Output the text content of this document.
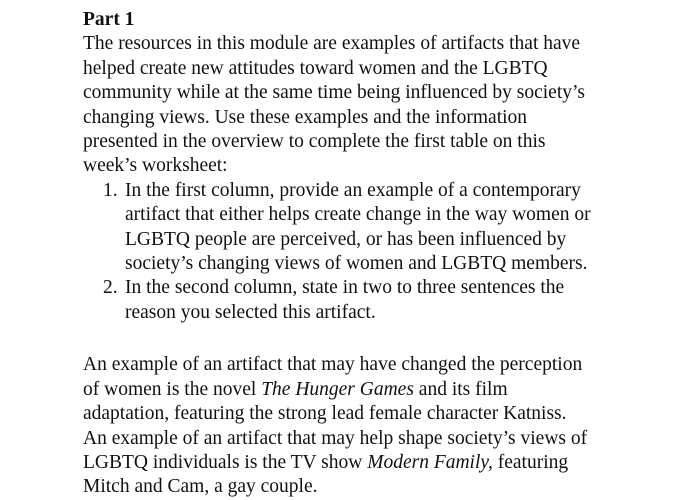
Part 1

The resources in this module are examples of artifacts that have
helped create new attitudes toward women and the LGBTQ
community while at the same time being influenced by society’s
changing views. Use these examples and the information
presented in the overview to complete the first table on this
week’s worksheet:

1. In the first column, provide an example of a contemporary
artifact that either helps create change in the way women or
LGBTQ people are perceived, or has been influenced by
society’s changing views of women and LGBTQ members.
2. In the second column, state in two to three sentences the
reason you selected this artifact.

An example of an artifact that may have changed the perception
of women is the novel The Hunger Games and its film
adaptation, featuring the strong lead female character Katniss.
An example of an artifact that may help shape society’s views of
LGBTQ individuals is the TV show Modern Family, featuring
Mitch and Cam, a gay couple.
